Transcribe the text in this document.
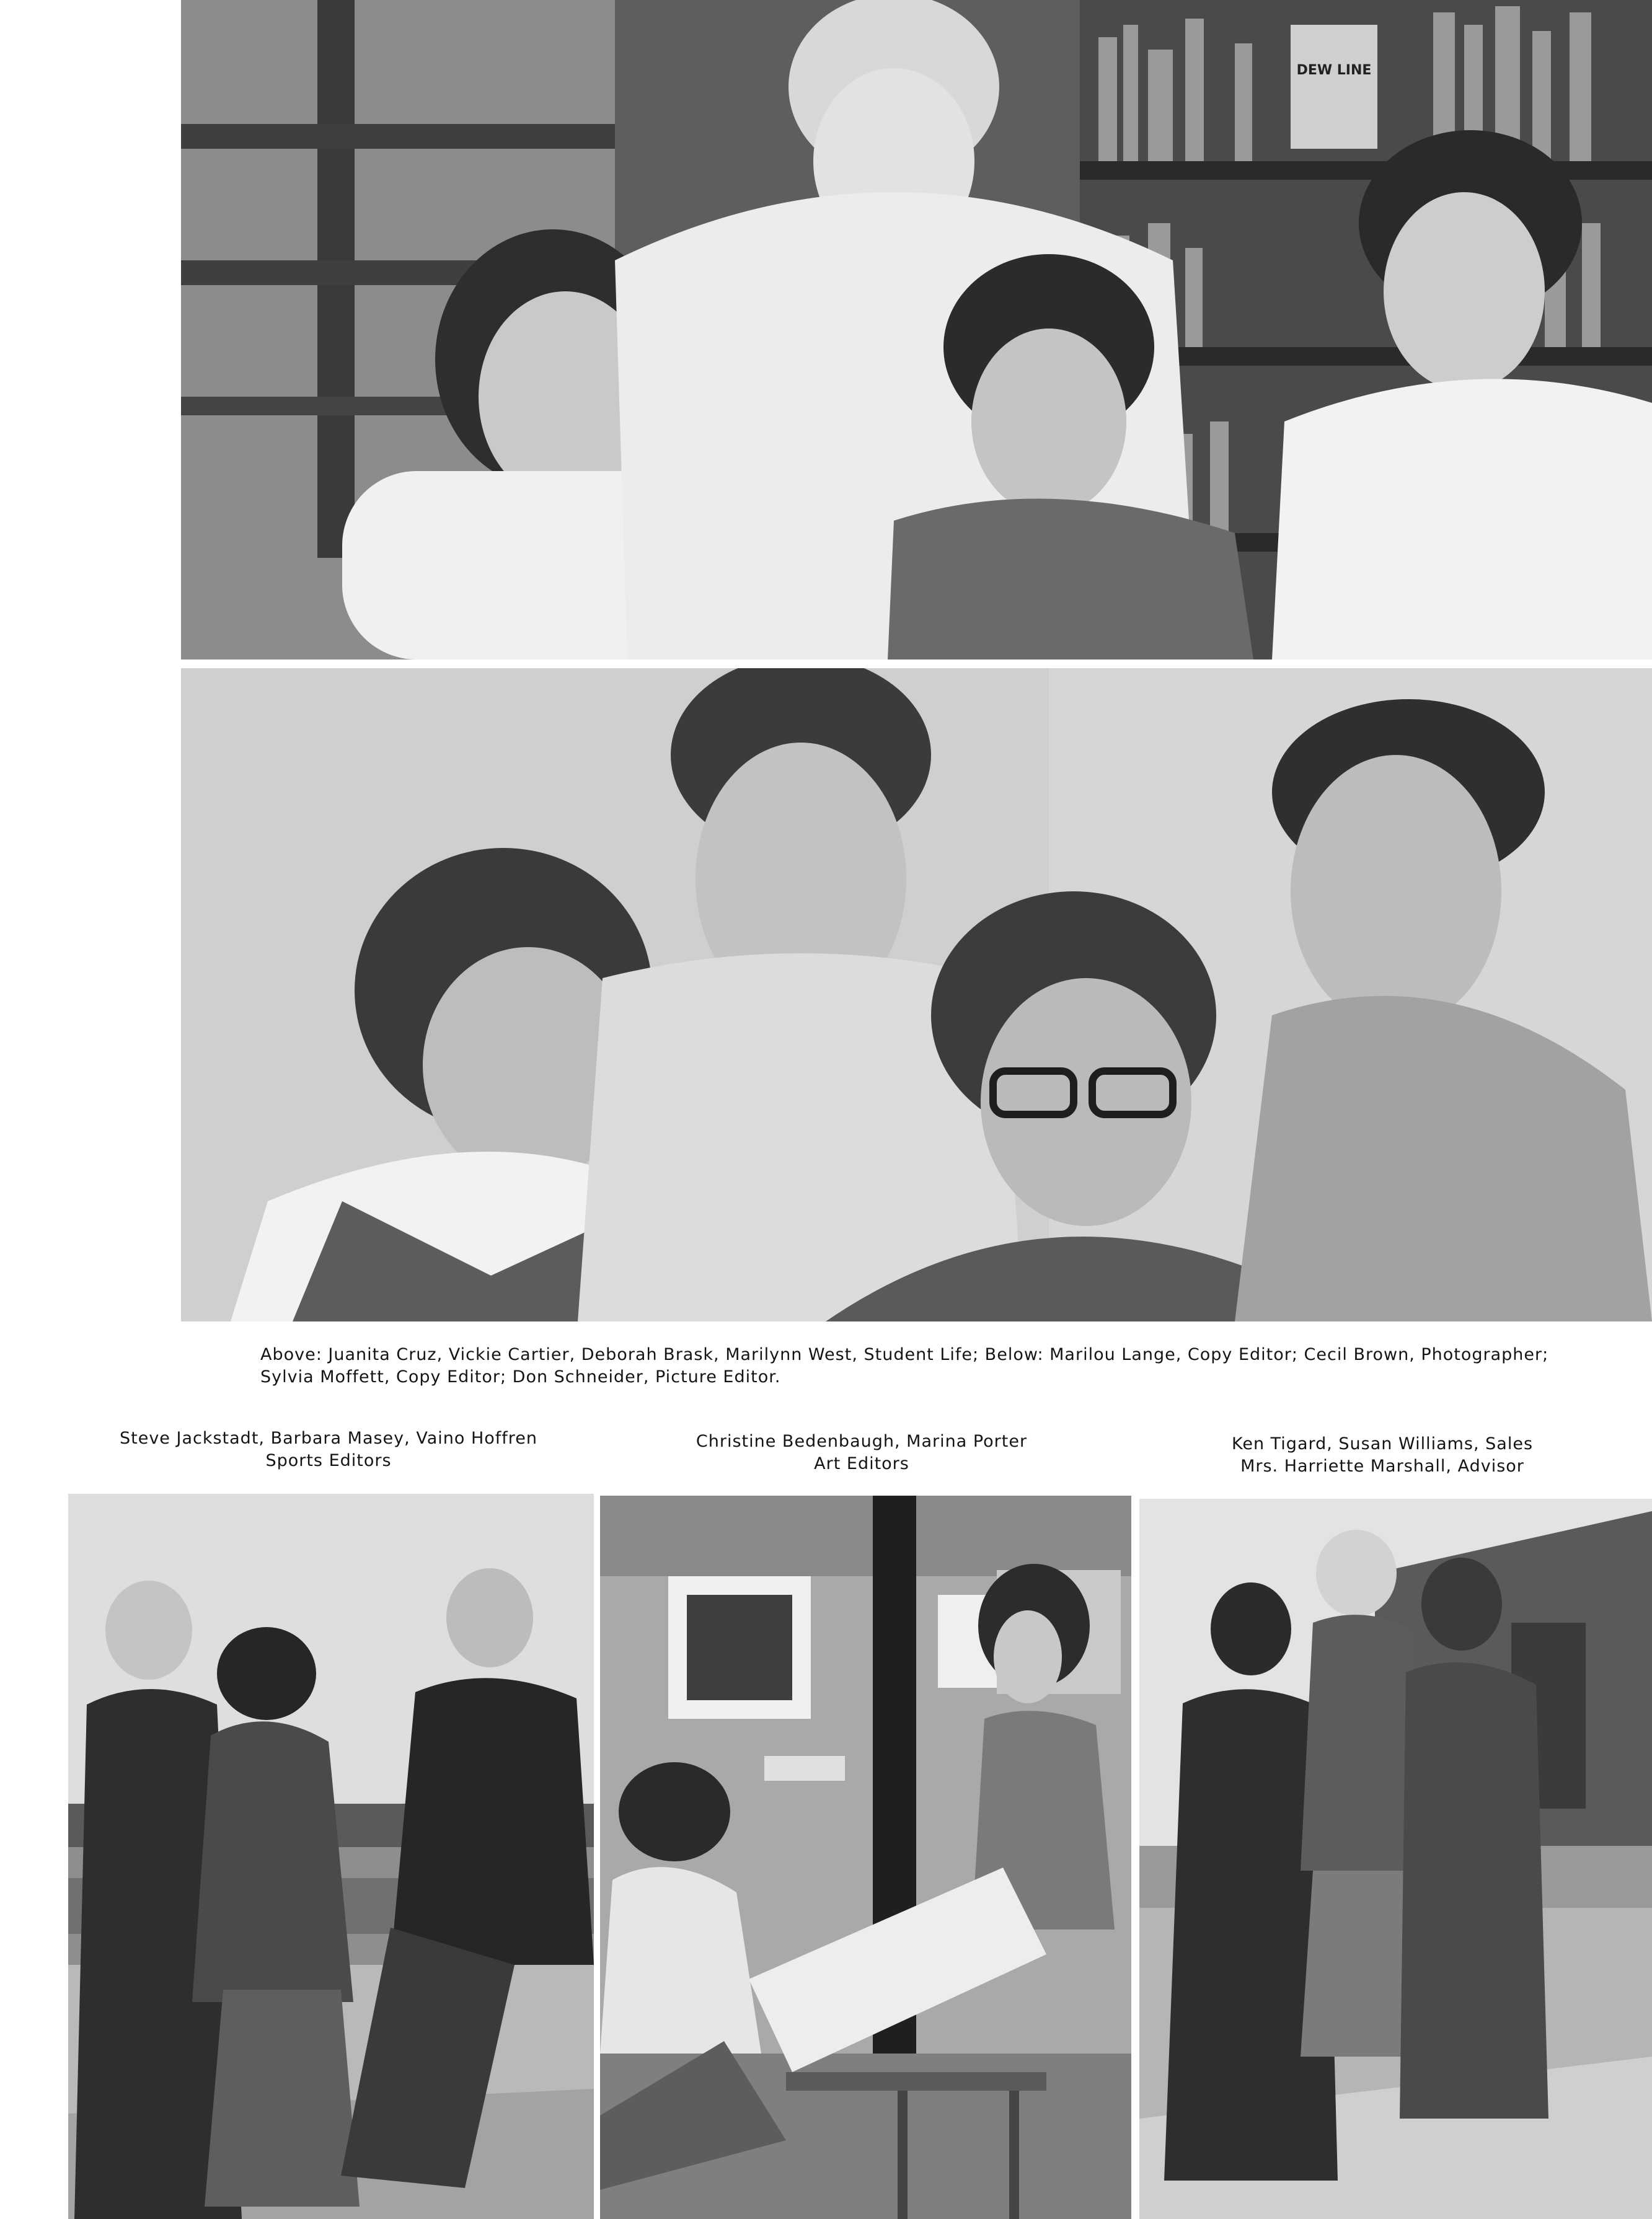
DEW LINE
Above: Juanita Cruz, Vickie Cartier, Deborah Brask, Marilynn West, Student Life; Below: Marilou Lange, Copy Editor; Cecil Brown, Photographer;
Sylvia Moffett, Copy Editor; Don Schneider, Picture Editor.
Steve Jackstadt, Barbara Masey, Vaino Hoffren
Sports Editors
Christine Bedenbaugh, Marina Porter
Art Editors
Ken Tigard, Susan Williams, Sales
Mrs. Harriette Marshall, Advisor
